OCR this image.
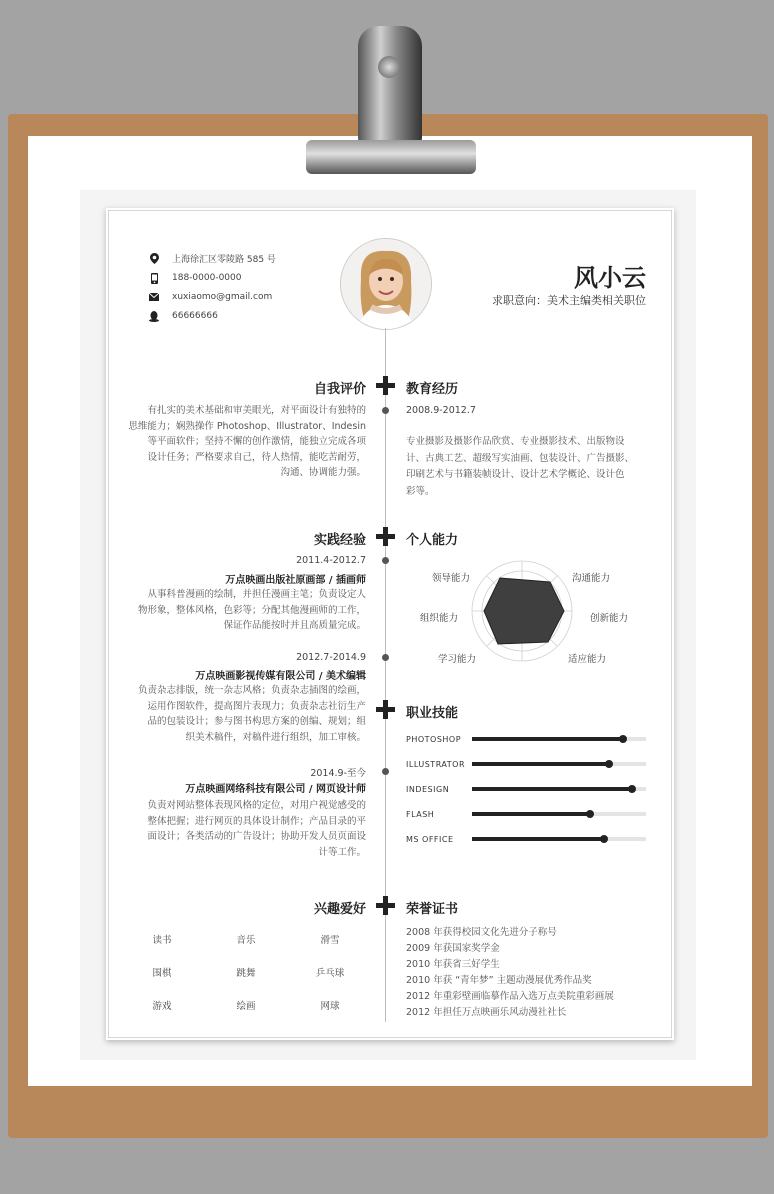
上海徐汇区零陵路 585 号
188-0000-0000
xuxiaomo@gmail.com
66666666
风小云
求职意向：美术主编类相关职位
自我评价	教育经历
有扎实的美术基础和审美眼光，对平面设计有独特的
思维能力；娴熟操作 Photoshop、Illustrator、Indesin
等平面软件；坚持不懈的创作激情，能独立完成各项
设计任务；严格要求自己，待人热情，能吃苦耐劳，
沟通、协调能力强。
2008.9-2012.7
专业摄影及摄影作品欣赏、专业摄影技术、出版物设
计、古典工艺、超级写实油画、包装设计、广告摄影、
印刷艺术与书籍装帧设计、设计艺术学概论、设计色
彩等。
实践经验	个人能力
2011.4-2012.7
万点映画出版社原画部 / 插画师
从事科普漫画的绘制，并担任漫画主笔；负责设定人
物形象，整体风格，色彩等；分配其他漫画师的工作，
保证作品能按时并且高质量完成。
2012.7-2014.9
万点映画影视传媒有限公司 / 美术编辑
负责杂志排版，统一杂志风格；负责杂志插图的绘画，
运用作图软件，提高图片表现力；负责杂志社衍生产
品的包装设计；参与图书构思方案的创编、规划；组
织美术稿件，对稿件进行组织，加工审核。
2014.9-至今
万点映画网络科技有限公司 / 网页设计师
负责对网站整体表现风格的定位，对用户视觉感受的
整体把握；进行网页的具体设计制作；产品目录的平
面设计；各类活动的广告设计；协助开发人员页面设
计等工作。
领导能力	沟通能力
组织能力	创新能力
学习能力	适应能力
职业技能
PHOTOSHOP
ILLUSTRATOR
INDESIGN
FLASH
MS OFFICE
兴趣爱好	荣誉证书
读书	音乐	滑雪
围棋	跳舞	乒乓球
游戏	绘画	网球
2008 年获得校园文化先进分子称号
2009 年获国家奖学金
2010 年获省三好学生
2010 年获 “青年梦” 主题动漫展优秀作品奖
2012 年重彩壁画临摹作品入选万点美院重彩画展
2012 年担任万点映画乐风动漫社社长
